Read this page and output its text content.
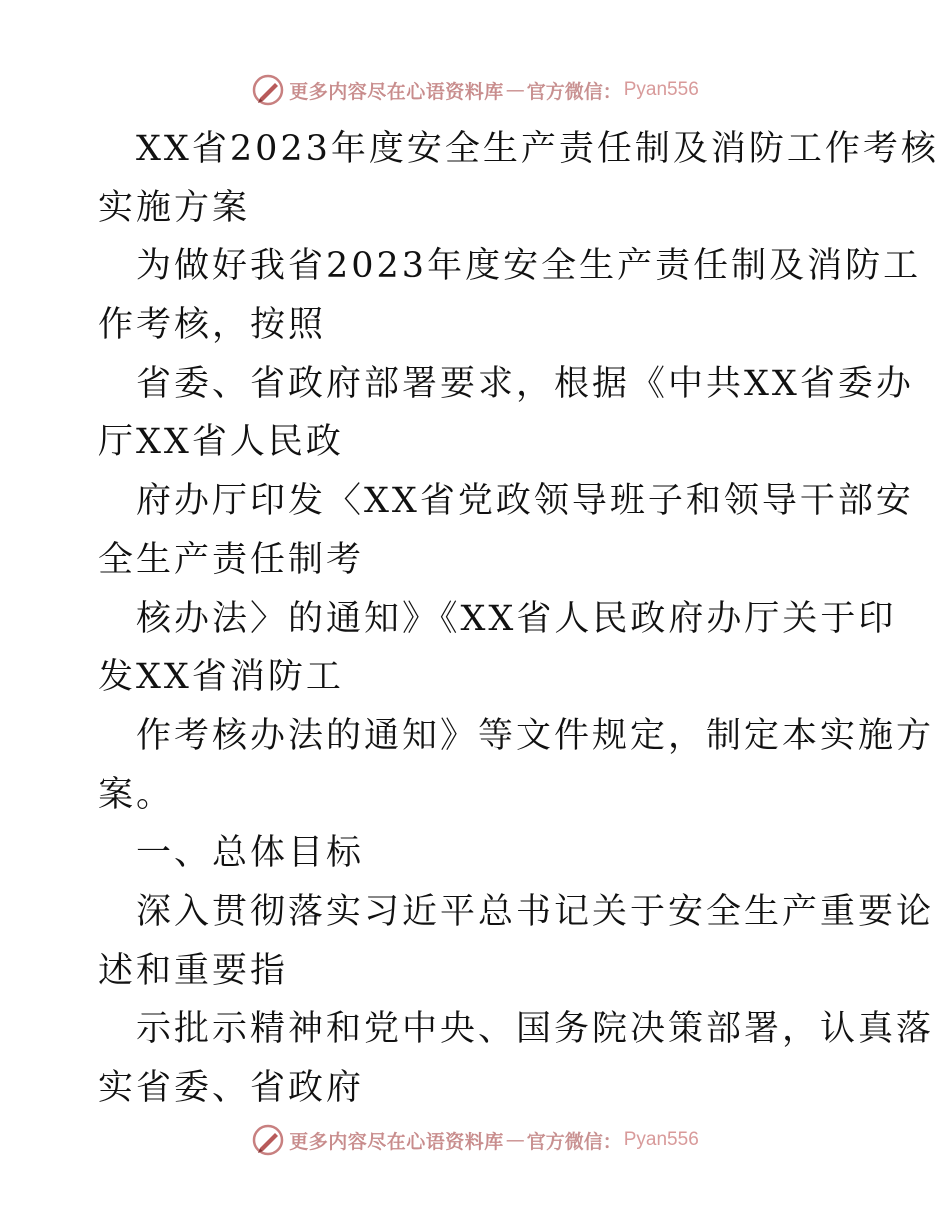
更多内容尽在心语资料库 — 官方微信： Pyan556
XX省2023年度安全生产责任制及消防工作考核
实施方案
为做好我省2023年度安全生产责任制及消防工
作考核，按照
省委、省政府部署要求，根据《中共XX省委办
厅XX省人民政
府办厅印发〈XX省党政领导班子和领导干部安
全生产责任制考
核办法〉的通知》《XX省人民政府办厅关于印
发XX省消防工
作考核办法的通知》等文件规定，制定本实施方
案。
一、总体目标
深入贯彻落实习近平总书记关于安全生产重要论
述和重要指
示批示精神和党中央、国务院决策部署，认真落
实省委、省政府
更多内容尽在心语资料库 — 官方微信： Pyan556
